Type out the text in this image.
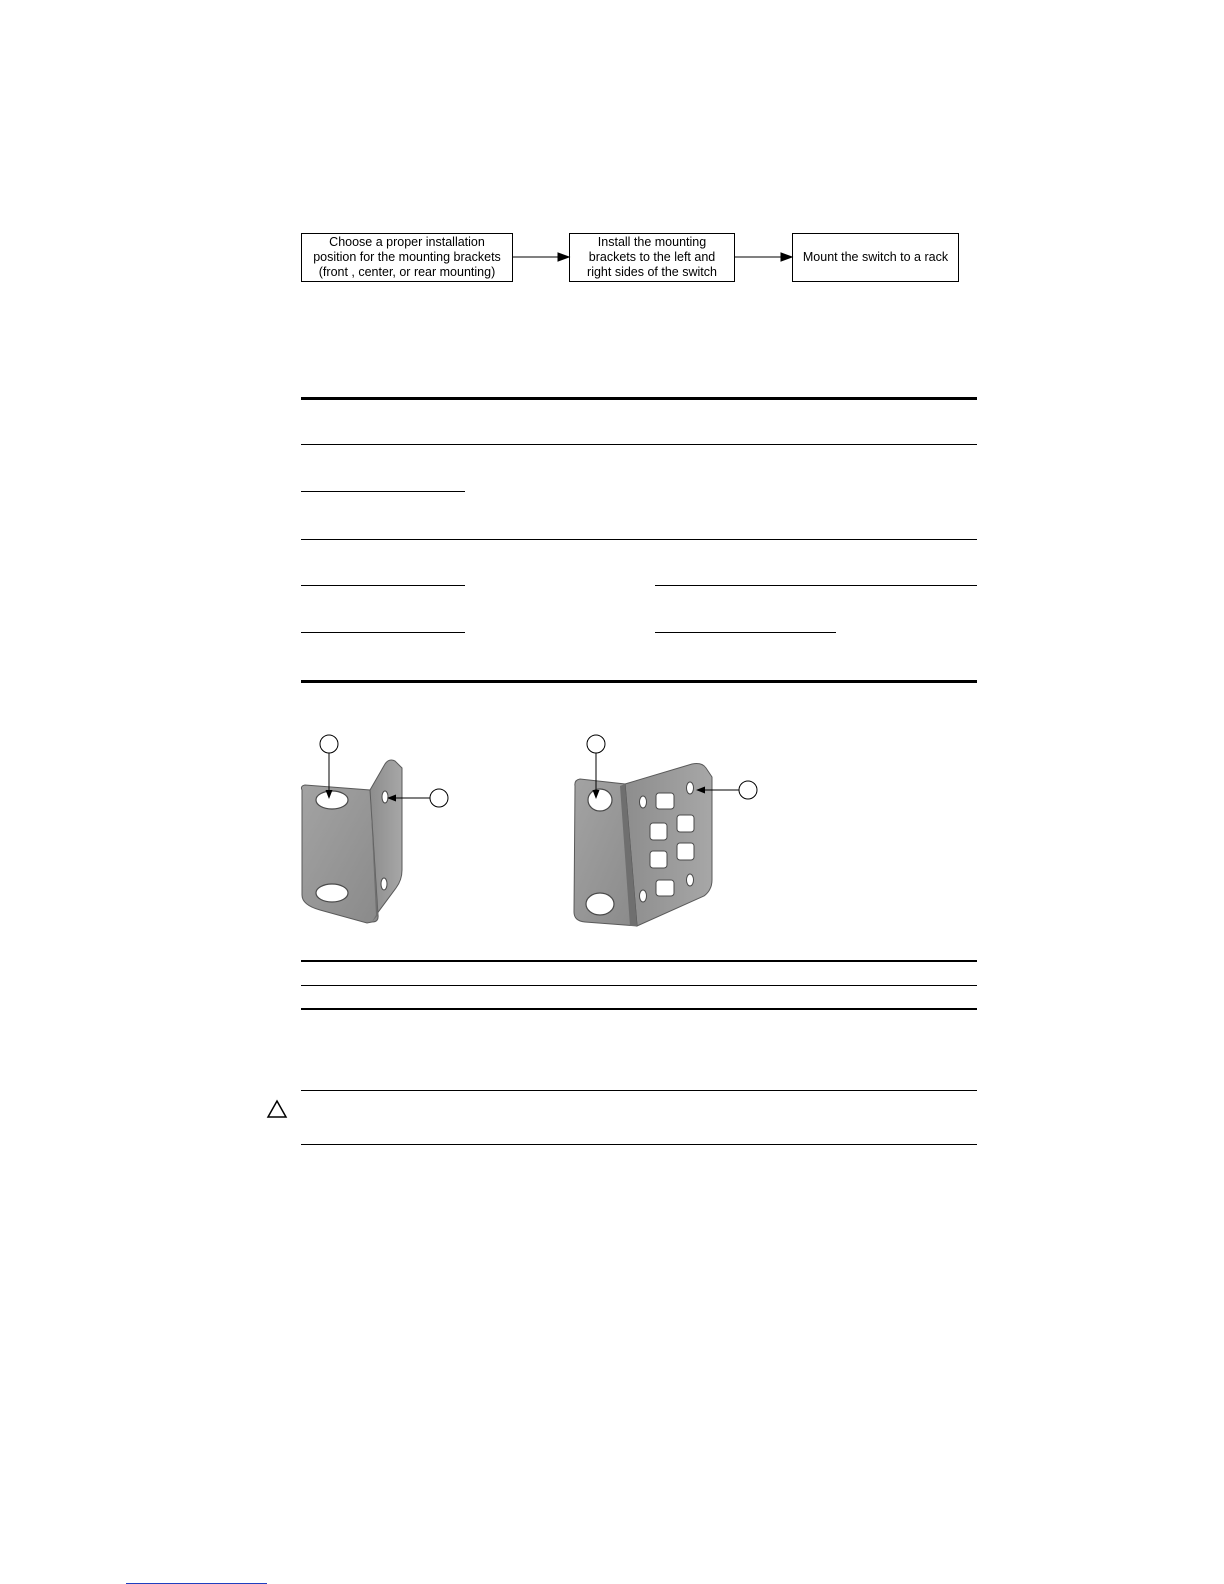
Choose a proper installation
position for the mounting brackets
(front , center, or rear mounting)
Install the mounting
brackets to the left and
right sides of the switch
Mount the switch to a rack
